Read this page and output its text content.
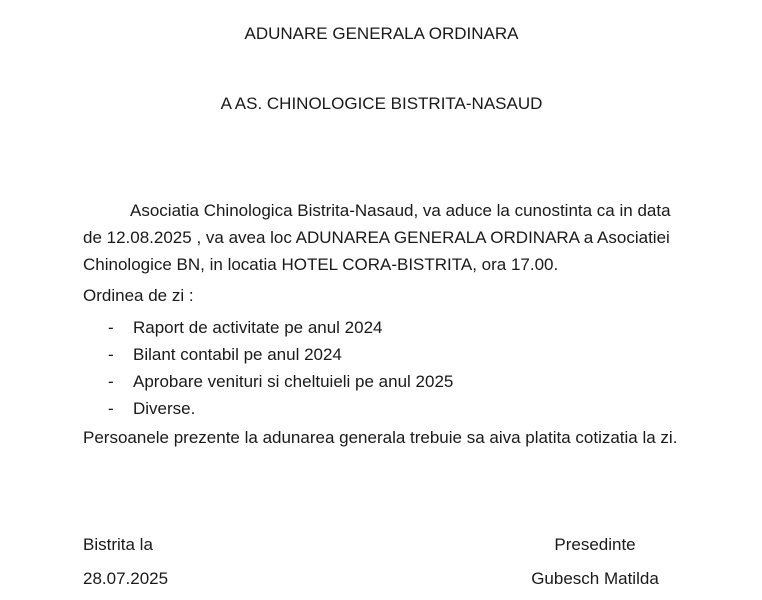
ADUNARE GENERALA ORDINARA
A AS. CHINOLOGICE BISTRITA-NASAUD
Asociatia Chinologica Bistrita-Nasaud, va aduce la cunostinta ca in data
de 12.08.2025 , va avea loc ADUNAREA GENERALA ORDINARA a Asociatiei
Chinologice BN, in locatia HOTEL CORA-BISTRITA, ora 17.00.
Ordinea de zi :
-	Raport de activitate pe anul 2024
-	Bilant contabil pe anul 2024
-	Aprobare venituri si cheltuieli pe anul 2025
-	Diverse.
Persoanele prezente la adunarea generala trebuie sa aiva platita cotizatia la zi.
Bistrita la	Presedinte
28.07.2025	Gubesch Matilda
